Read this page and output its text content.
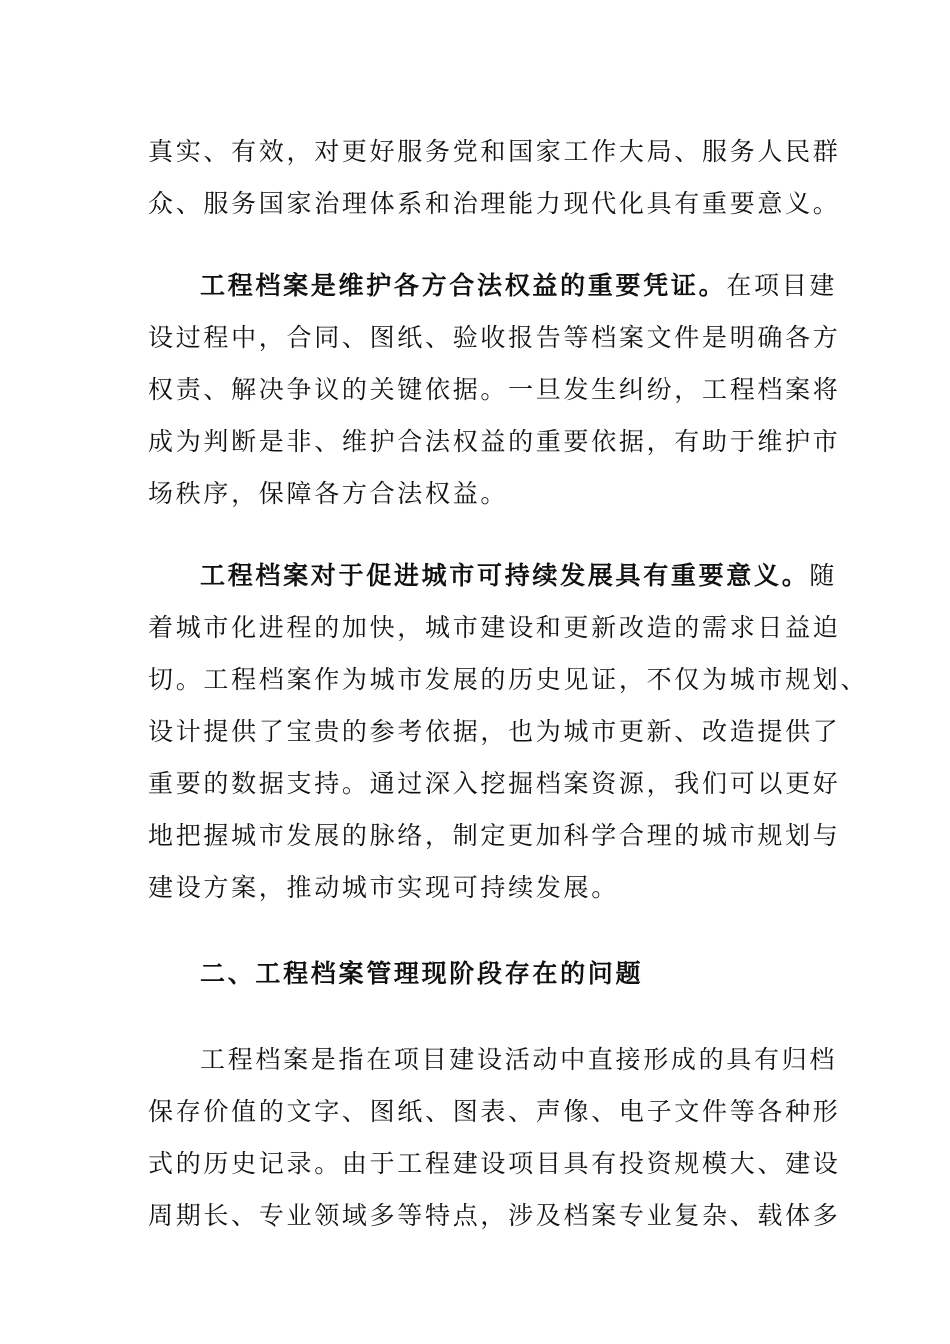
真实、有效，对更好服务党和国家工作大局、服务人民群
众、服务国家治理体系和治理能力现代化具有重要意义。
工程档案是维护各方合法权益的重要凭证。在项目建
设过程中，合同、图纸、验收报告等档案文件是明确各方
权责、解决争议的关键依据。一旦发生纠纷，工程档案将
成为判断是非、维护合法权益的重要依据，有助于维护市
场秩序，保障各方合法权益。
工程档案对于促进城市可持续发展具有重要意义。随
着城市化进程的加快，城市建设和更新改造的需求日益迫
切。工程档案作为城市发展的历史见证，不仅为城市规划、
设计提供了宝贵的参考依据，也为城市更新、改造提供了
重要的数据支持。通过深入挖掘档案资源，我们可以更好
地把握城市发展的脉络，制定更加科学合理的城市规划与
建设方案，推动城市实现可持续发展。
二、工程档案管理现阶段存在的问题
工程档案是指在项目建设活动中直接形成的具有归档
保存价值的文字、图纸、图表、声像、电子文件等各种形
式的历史记录。由于工程建设项目具有投资规模大、建设
周期长、专业领域多等特点，涉及档案专业复杂、载体多
